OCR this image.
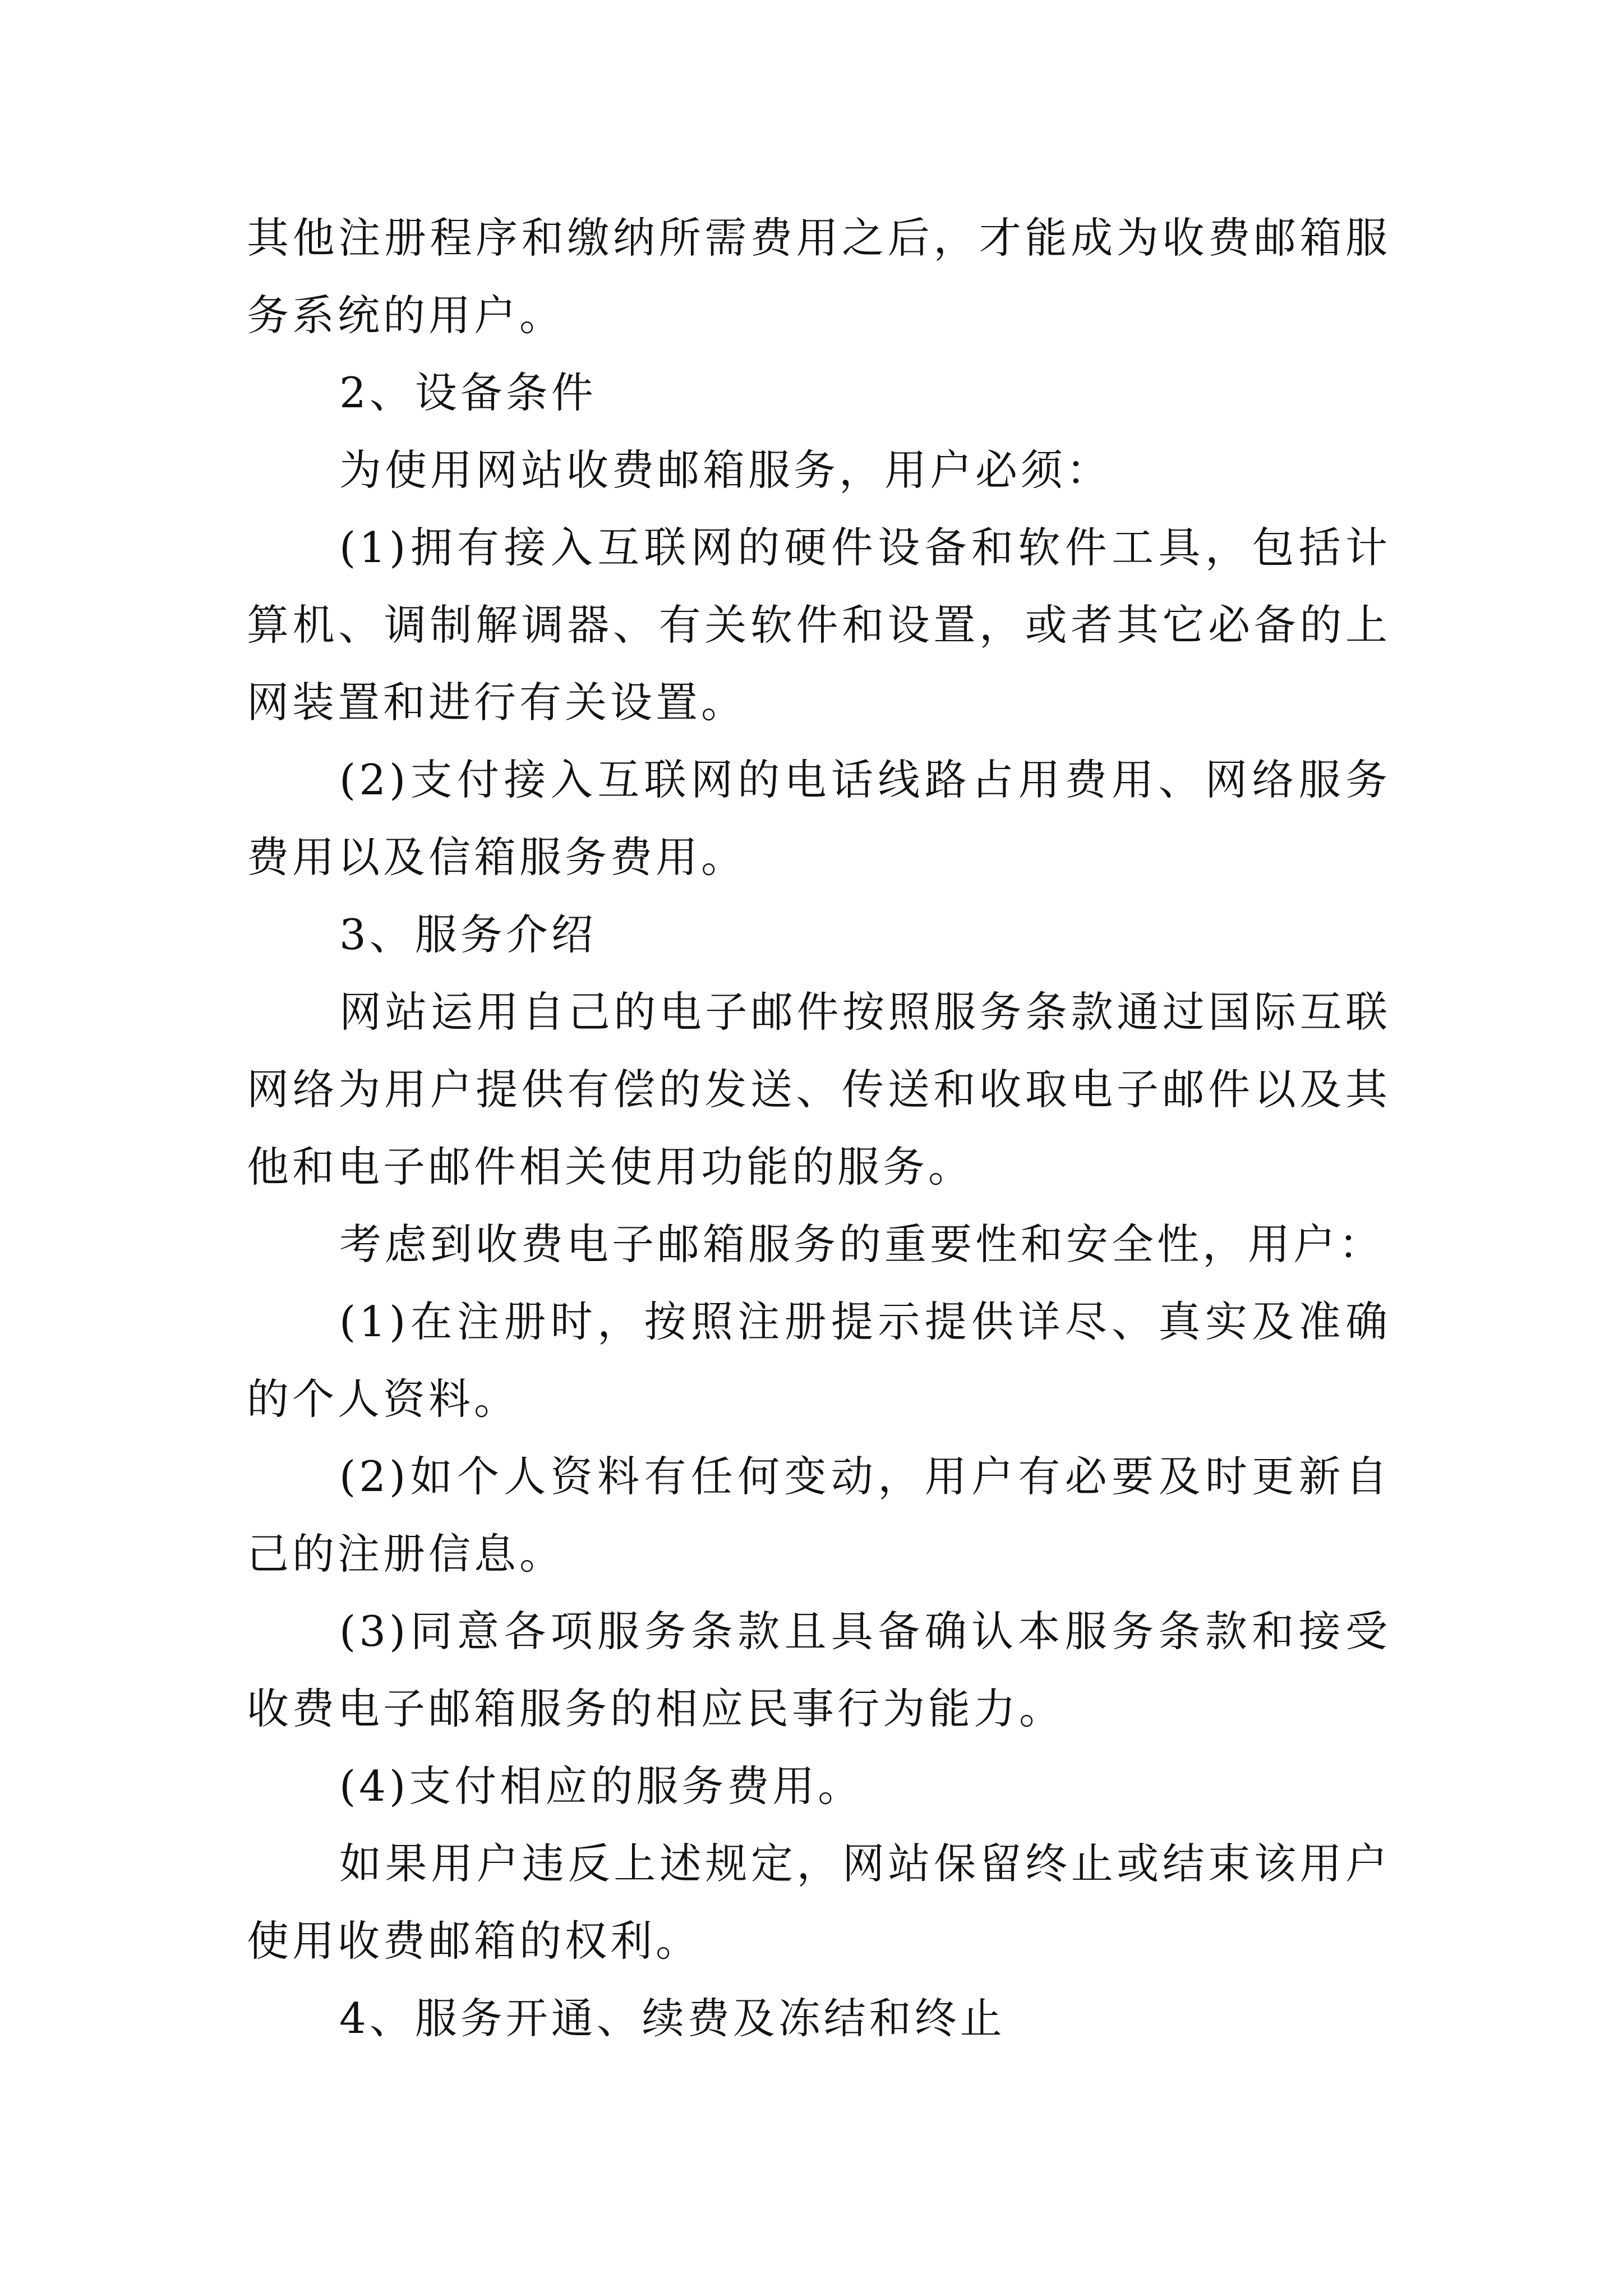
其他注册程序和缴纳所需费用之后，才能成为收费邮箱服务系统的用户。

2、设备条件

为使用网站收费邮箱服务，用户必须：

(1)拥有接入互联网的硬件设备和软件工具，包括计算机、调制解调器、有关软件和设置，或者其它必备的上网装置和进行有关设置。

(2)支付接入互联网的电话线路占用费用、网络服务费用以及信箱服务费用。

3、服务介绍

网站运用自己的电子邮件按照服务条款通过国际互联网络为用户提供有偿的发送、传送和收取电子邮件以及其他和电子邮件相关使用功能的服务。

考虑到收费电子邮箱服务的重要性和安全性，用户：

(1)在注册时，按照注册提示提供详尽、真实及准确的个人资料。

(2)如个人资料有任何变动，用户有必要及时更新自己的注册信息。

(3)同意各项服务条款且具备确认本服务条款和接受收费电子邮箱服务的相应民事行为能力。

(4)支付相应的服务费用。

如果用户违反上述规定，网站保留终止或结束该用户使用收费邮箱的权利。

4、服务开通、续费及冻结和终止
